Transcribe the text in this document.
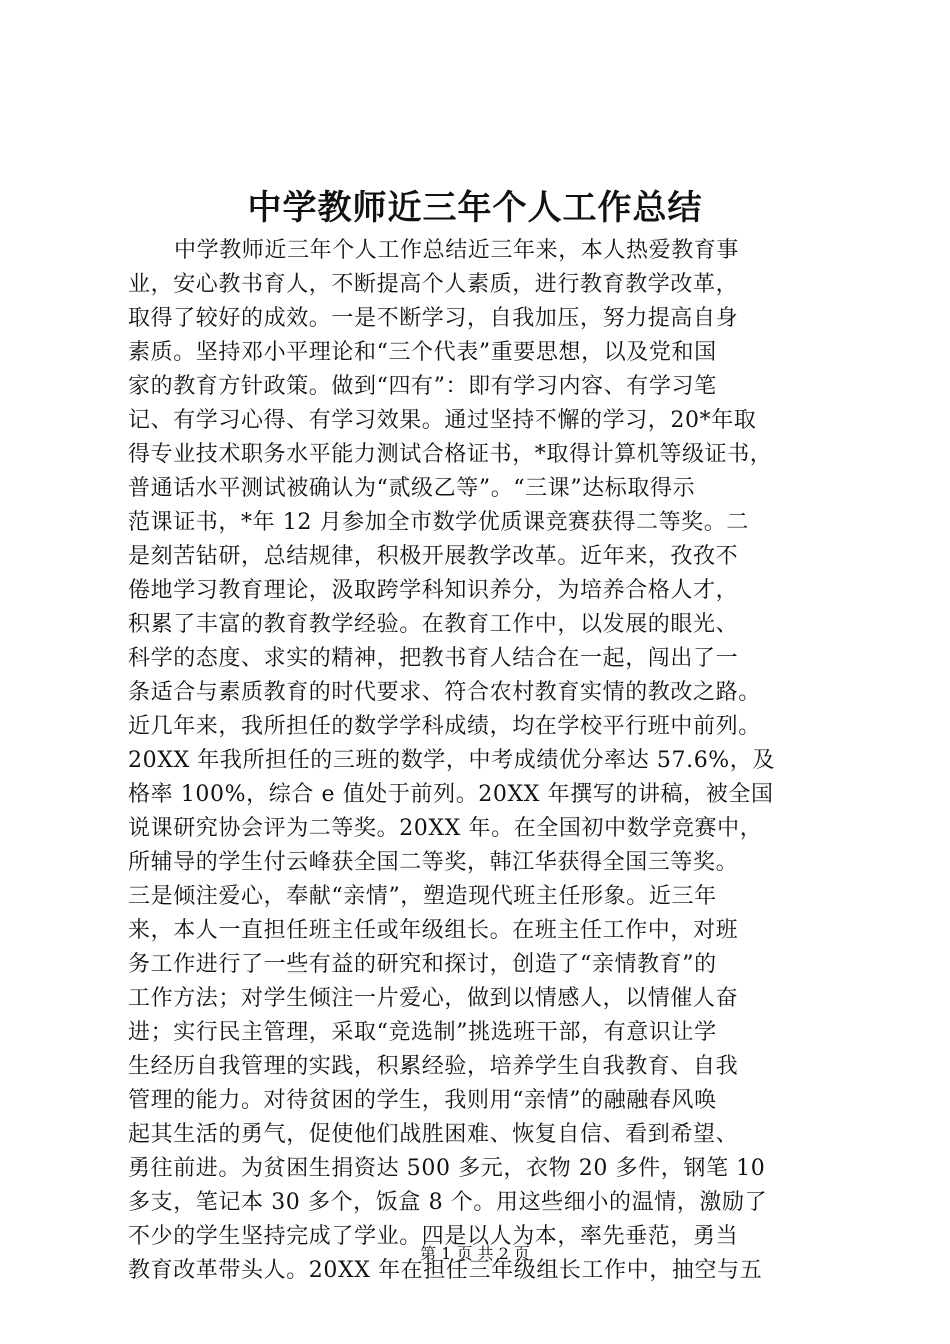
中学教师近三年个人工作总结
中学教师近三年个人工作总结近三年来，本人热爱教育事
业，安心教书育人，不断提高个人素质，进行教育教学改革，
取得了较好的成效。一是不断学习，自我加压，努力提高自身
素质。坚持邓小平理论和“三个代表”重要思想，以及党和国
家的教育方针政策。做到“四有”：即有学习内容、有学习笔
记、有学习心得、有学习效果。通过坚持不懈的学习，20*年取
得专业技术职务水平能力测试合格证书，*取得计算机等级证书，
普通话水平测试被确认为“贰级乙等”。“三课”达标取得示
范课证书，*年 12 月参加全市数学优质课竞赛获得二等奖。二
是刻苦钻研，总结规律，积极开展教学改革。近年来，孜孜不
倦地学习教育理论，汲取跨学科知识养分，为培养合格人才，
积累了丰富的教育教学经验。在教育工作中，以发展的眼光、
科学的态度、求实的精神，把教书育人结合在一起，闯出了一
条适合与素质教育的时代要求、符合农村教育实情的教改之路。
近几年来，我所担任的数学学科成绩，均在学校平行班中前列。
20XX 年我所担任的三班的数学，中考成绩优分率达 57.6%，及
格率 100%，综合 e 值处于前列。20XX 年撰写的讲稿，被全国
说课研究协会评为二等奖。20XX 年。在全国初中数学竞赛中，
所辅导的学生付云峰获全国二等奖，韩江华获得全国三等奖。
三是倾注爱心，奉献“亲情”，塑造现代班主任形象。近三年
来，本人一直担任班主任或年级组长。在班主任工作中，对班
务工作进行了一些有益的研究和探讨，创造了“亲情教育”的
工作方法；对学生倾注一片爱心，做到以情感人，以情催人奋
进；实行民主管理，采取“竞选制”挑选班干部，有意识让学
生经历自我管理的实践，积累经验，培养学生自我教育、自我
管理的能力。对待贫困的学生，我则用“亲情”的融融春风唤
起其生活的勇气，促使他们战胜困难、恢复自信、看到希望、
勇往前进。为贫困生捐资达 500 多元，衣物 20 多件，钢笔 10
多支，笔记本 30 多个，饭盒 8 个。用这些细小的温情，激励了
不少的学生坚持完成了学业。四是以人为本，率先垂范，勇当
教育改革带头人。20XX 年在担任三年级组长工作中，抽空与五
第 1 页 共 2 页
